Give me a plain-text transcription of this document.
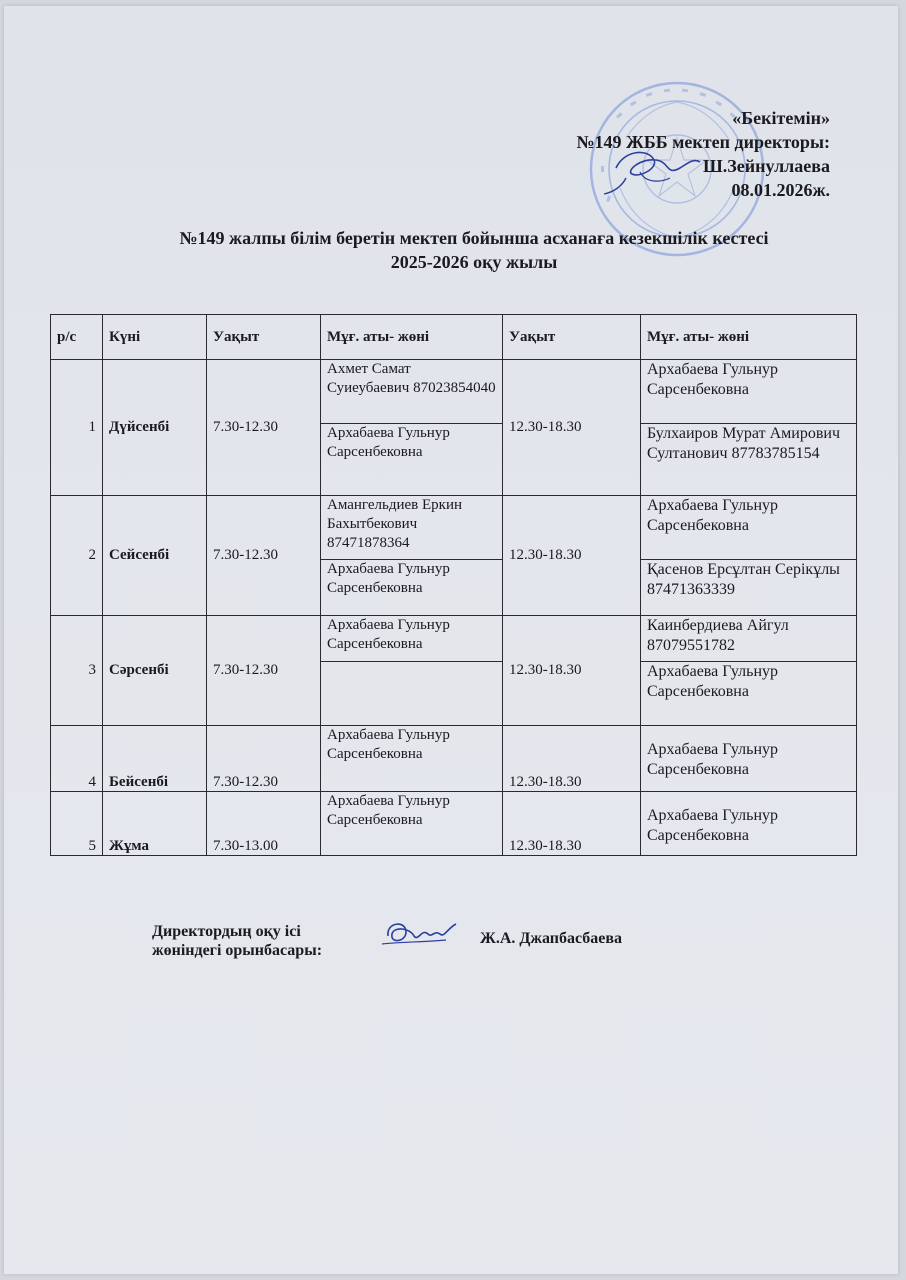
«Бекітемін»
№149 ЖББ мектеп директоры:
Ш.Зейнуллаева
08.01.2026ж.
№149 жалпы білім беретін мектеп бойынша асханаға кезекшілік кестесі
2025-2026 оқу жылы
р/с	Күні	Уақыт	Мұғ. аты- жөні	Уақыт	Мұғ. аты- жөні
1	Дүйсенбі	7.30-12.30	Ахмет Самат Суиеубаевич 87023854040	12.30-18.30	Архабаева Гульнур Сарсенбековна
			Архабаева Гульнур Сарсенбековна		Булхаиров Мурат Амирович Султанович 87783785154
2	Сейсенбі	7.30-12.30	Амангельдиев Еркин Бахытбекович 87471878364	12.30-18.30	Архабаева Гульнур Сарсенбековна
			Архабаева Гульнур Сарсенбековна		Қасенов Ерсұлтан Серікұлы 87471363339
3	Сәрсенбі	7.30-12.30	Архабаева Гульнур Сарсенбековна	12.30-18.30	Каинбердиева Айгул 87079551782
					Архабаева Гульнур Сарсенбековна
4	Бейсенбі	7.30-12.30	Архабаева Гульнур Сарсенбековна	12.30-18.30	Архабаева Гульнур Сарсенбековна
5	Жұма	7.30-13.00	Архабаева Гульнур Сарсенбековна	12.30-18.30	Архабаева Гульнур Сарсенбековна
Директордың оқу ісі
жөніндегі орынбасары:
Ж.А. Джапбасбаева
